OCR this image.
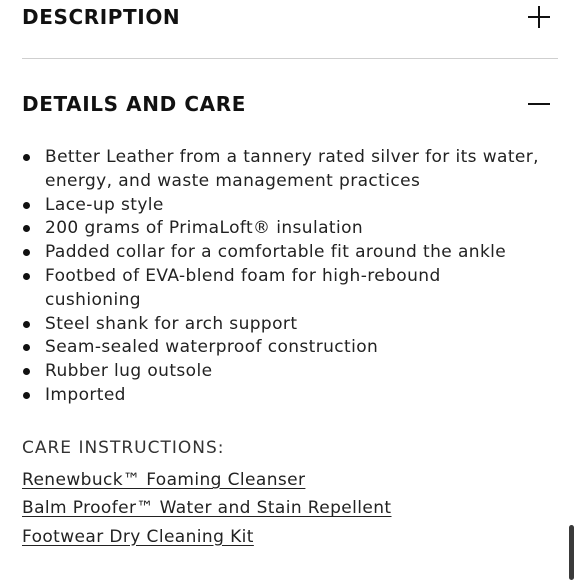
DESCRIPTION
DETAILS AND CARE
Better Leather from a tannery rated silver for its water, energy, and waste management practices
Lace-up style
200 grams of PrimaLoft® insulation
Padded collar for a comfortable fit around the ankle
Footbed of EVA-blend foam for high-rebound cushioning
Steel shank for arch support
Seam-sealed waterproof construction
Rubber lug outsole
Imported
CARE INSTRUCTIONS:
Renewbuck™ Foaming Cleanser
Balm Proofer™ Water and Stain Repellent
Footwear Dry Cleaning Kit
